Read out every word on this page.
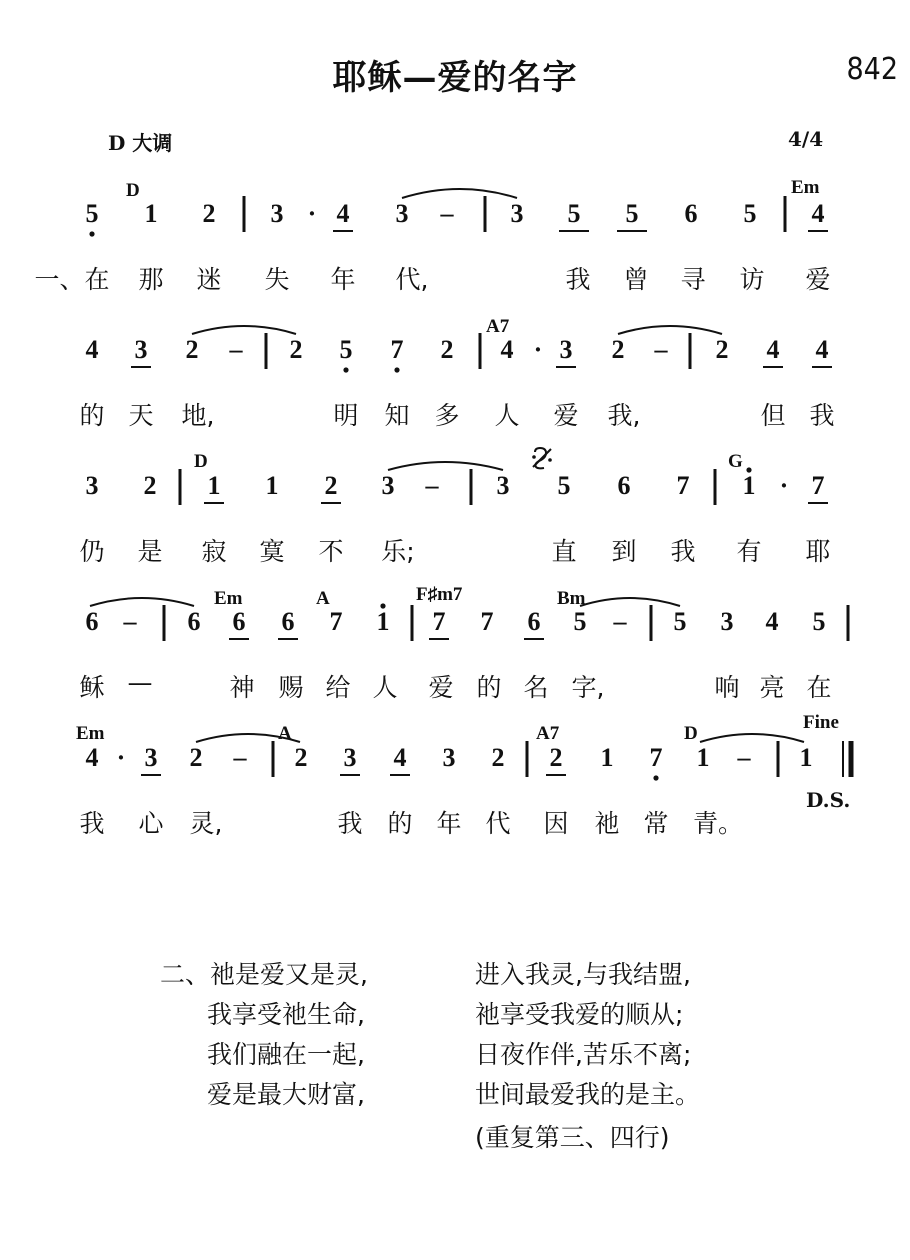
耶稣—爱的名字	842
D 大调	4/4
D	Em
5	1	2	3 · 4	3	–	3	5	5	6	5	4
一、在	那	迷	失	年	代,	我	曾	寻	访	爱
A7
4	3	2	–	2	5	7	2	4 · 3	2	–	2	4	4
的 天	地,	明	知 多	人	爱	我,	但 我
D	G
3	2	1	1	2	3	–	3	5	6	7	1 · 7
仍	是	寂	寞	不	乐;	直	到	我	有	耶
Em	A	F♯m7	Bm
6 –	6	6	6	7	1	7	7	6	5	–	5	3	4	5
稣 —	神 赐 给 人	爱 的 名 字,	响 亮 在
Em	A	A7	D
Fine
4 · 3	2	–	2	3	4	3	2	2	1	7	1	–	1
我	心	灵,	我 的 年 代	因	祂 常 青。
D.S.
二、祂是爱又是灵,	进入我灵,与我结盟,
我享受祂生命,	祂享受我爱的顺从;
我们融在一起,	日夜作伴,苦乐不离;
爱是最大财富,	世间最爱我的是主。
(重复第三、四行)
